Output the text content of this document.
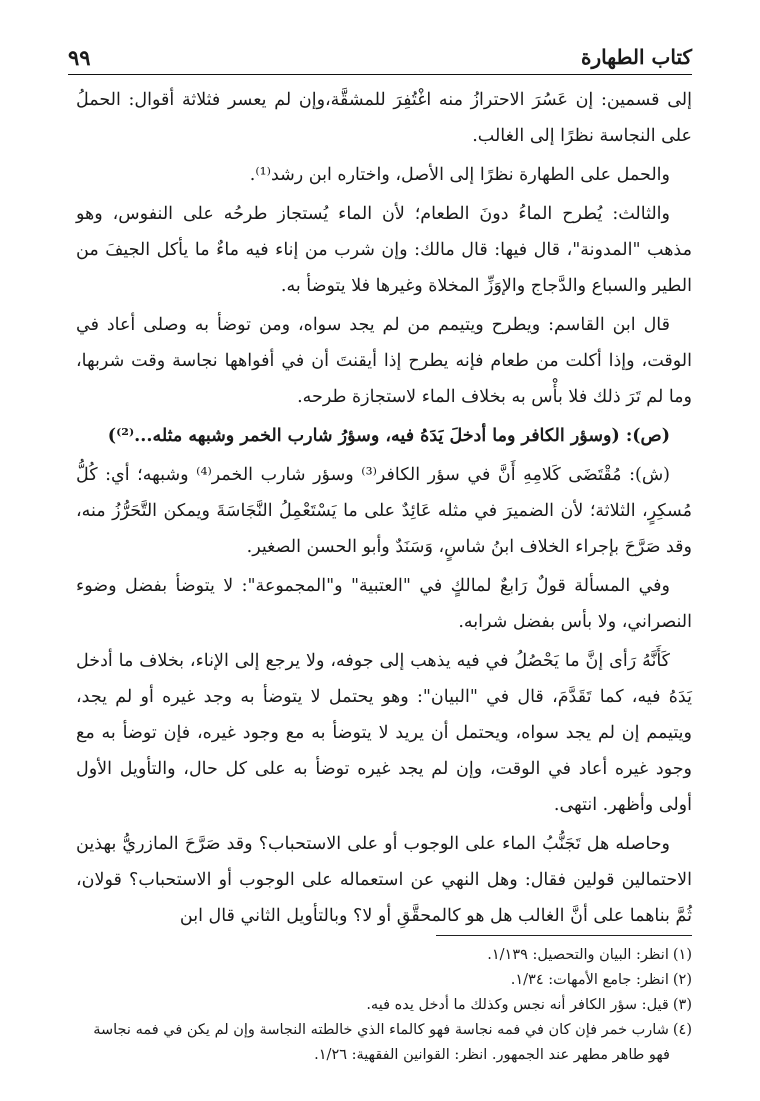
كتاب الطهارة
٩٩

إلى قسمين: إن عَسُرَ الاحترازُ منه اغْتُفِرَ للمشقَّة،وإن لم يعسر فثلاثة أقوال: الحملُ على النجاسة نظرًا إلى الغالب.

والحمل على الطهارة نظرًا إلى الأصل، واختاره ابن رشد⁽¹⁾.

والثالث: يُطرح الماءُ دونَ الطعام؛ لأن الماء يُستجاز طرحُه على النفوس، وهو مذهب "المدونة"، قال فيها: قال مالك: وإن شرب من إناء فيه ماءٌ ما يأكل الجيفَ من الطير والسباع والدَّجاج والإوَزِّ المخلاة وغيرها فلا يتوضأ به.

قال ابن القاسم: ويطرح ويتيمم من لم يجد سواه، ومن توضأ به وصلى أعاد في الوقت، وإذا أكلت من طعام فإنه يطرح إذا أيقنتَ أن في أفواهها نجاسة وقت شربها، وما لم تَرَ ذلك فلا بأْس به بخلاف الماء لاستجازة طرحه.

(ص): (وسؤر الكافر وما أدخلَ يَدَهُ فيه، وسؤرُ شارب الخمر وشبهه مثله...⁽²⁾)

(ش): مُقْتَضَى كَلامِهِ أَنَّ في سؤر الكافر⁽³⁾ وسؤر شارب الخمر⁽⁴⁾ وشبهه؛ أي: كُلُّ مُسكِرٍ، الثلاثة؛ لأن الضميرَ في مثله عَائِدٌ على ما يَسْتَعْمِلُ النَّجَاسَةَ ويمكن التَّحَرُّزُ منه، وقد صَرَّحَ بإجراء الخلاف ابنُ شاسٍ، وَسَنَدٌ وأبو الحسن الصغير.

وفي المسألة قولٌ رَابعٌ لمالكٍ في "العتبية" و"المجموعة": لا يتوضأ بفضل وضوء النصراني، ولا بأس بفضل شرابه.

كَأَنَّهُ رَأى إنَّ ما يَحْصُلُ في فيه يذهب إلى جوفه، ولا يرجع إلى الإناء، بخلاف ما أدخل يَدَهُ فيه، كما تَقَدَّمَ، قال في "البيان": وهو يحتمل لا يتوضأ به وجد غيره أو لم يجد، ويتيمم إن لم يجد سواه، ويحتمل أن يريد لا يتوضأ به مع وجود غيره، فإن توضأ به مع وجود غيره أعاد في الوقت، وإن لم يجد غيره توضأ به على كل حال، والتأويل الأول أولى وأظهر. انتهى.

وحاصله هل تَجَنُّبُ الماء على الوجوب أو على الاستحباب؟ وقد صَرَّحَ المازريُّ بهذين الاحتمالين قولين فقال: وهل النهي عن استعماله على الوجوب أو الاستحباب؟ قولان، ثُمَّ بناهما على أنَّ الغالب هل هو كالمحقَّقِ أو لا؟ وبالتأويل الثاني قال ابن

(١)انظر: البيان والتحصيل: ١/١٣٩.

(٢)انظر: جامع الأمهات: ١/٣٤.

(٣)قيل: سؤر الكافر أنه نجس وكذلك ما أدخل يده فيه.

(٤)شارب خمر فإن كان في فمه نجاسة فهو كالماء الذي خالطته النجاسة وإن لم يكن في فمه نجاسة

فهو طاهر مطهر عند الجمهور. انظر: القوانين الفقهية: ١/٢٦.
